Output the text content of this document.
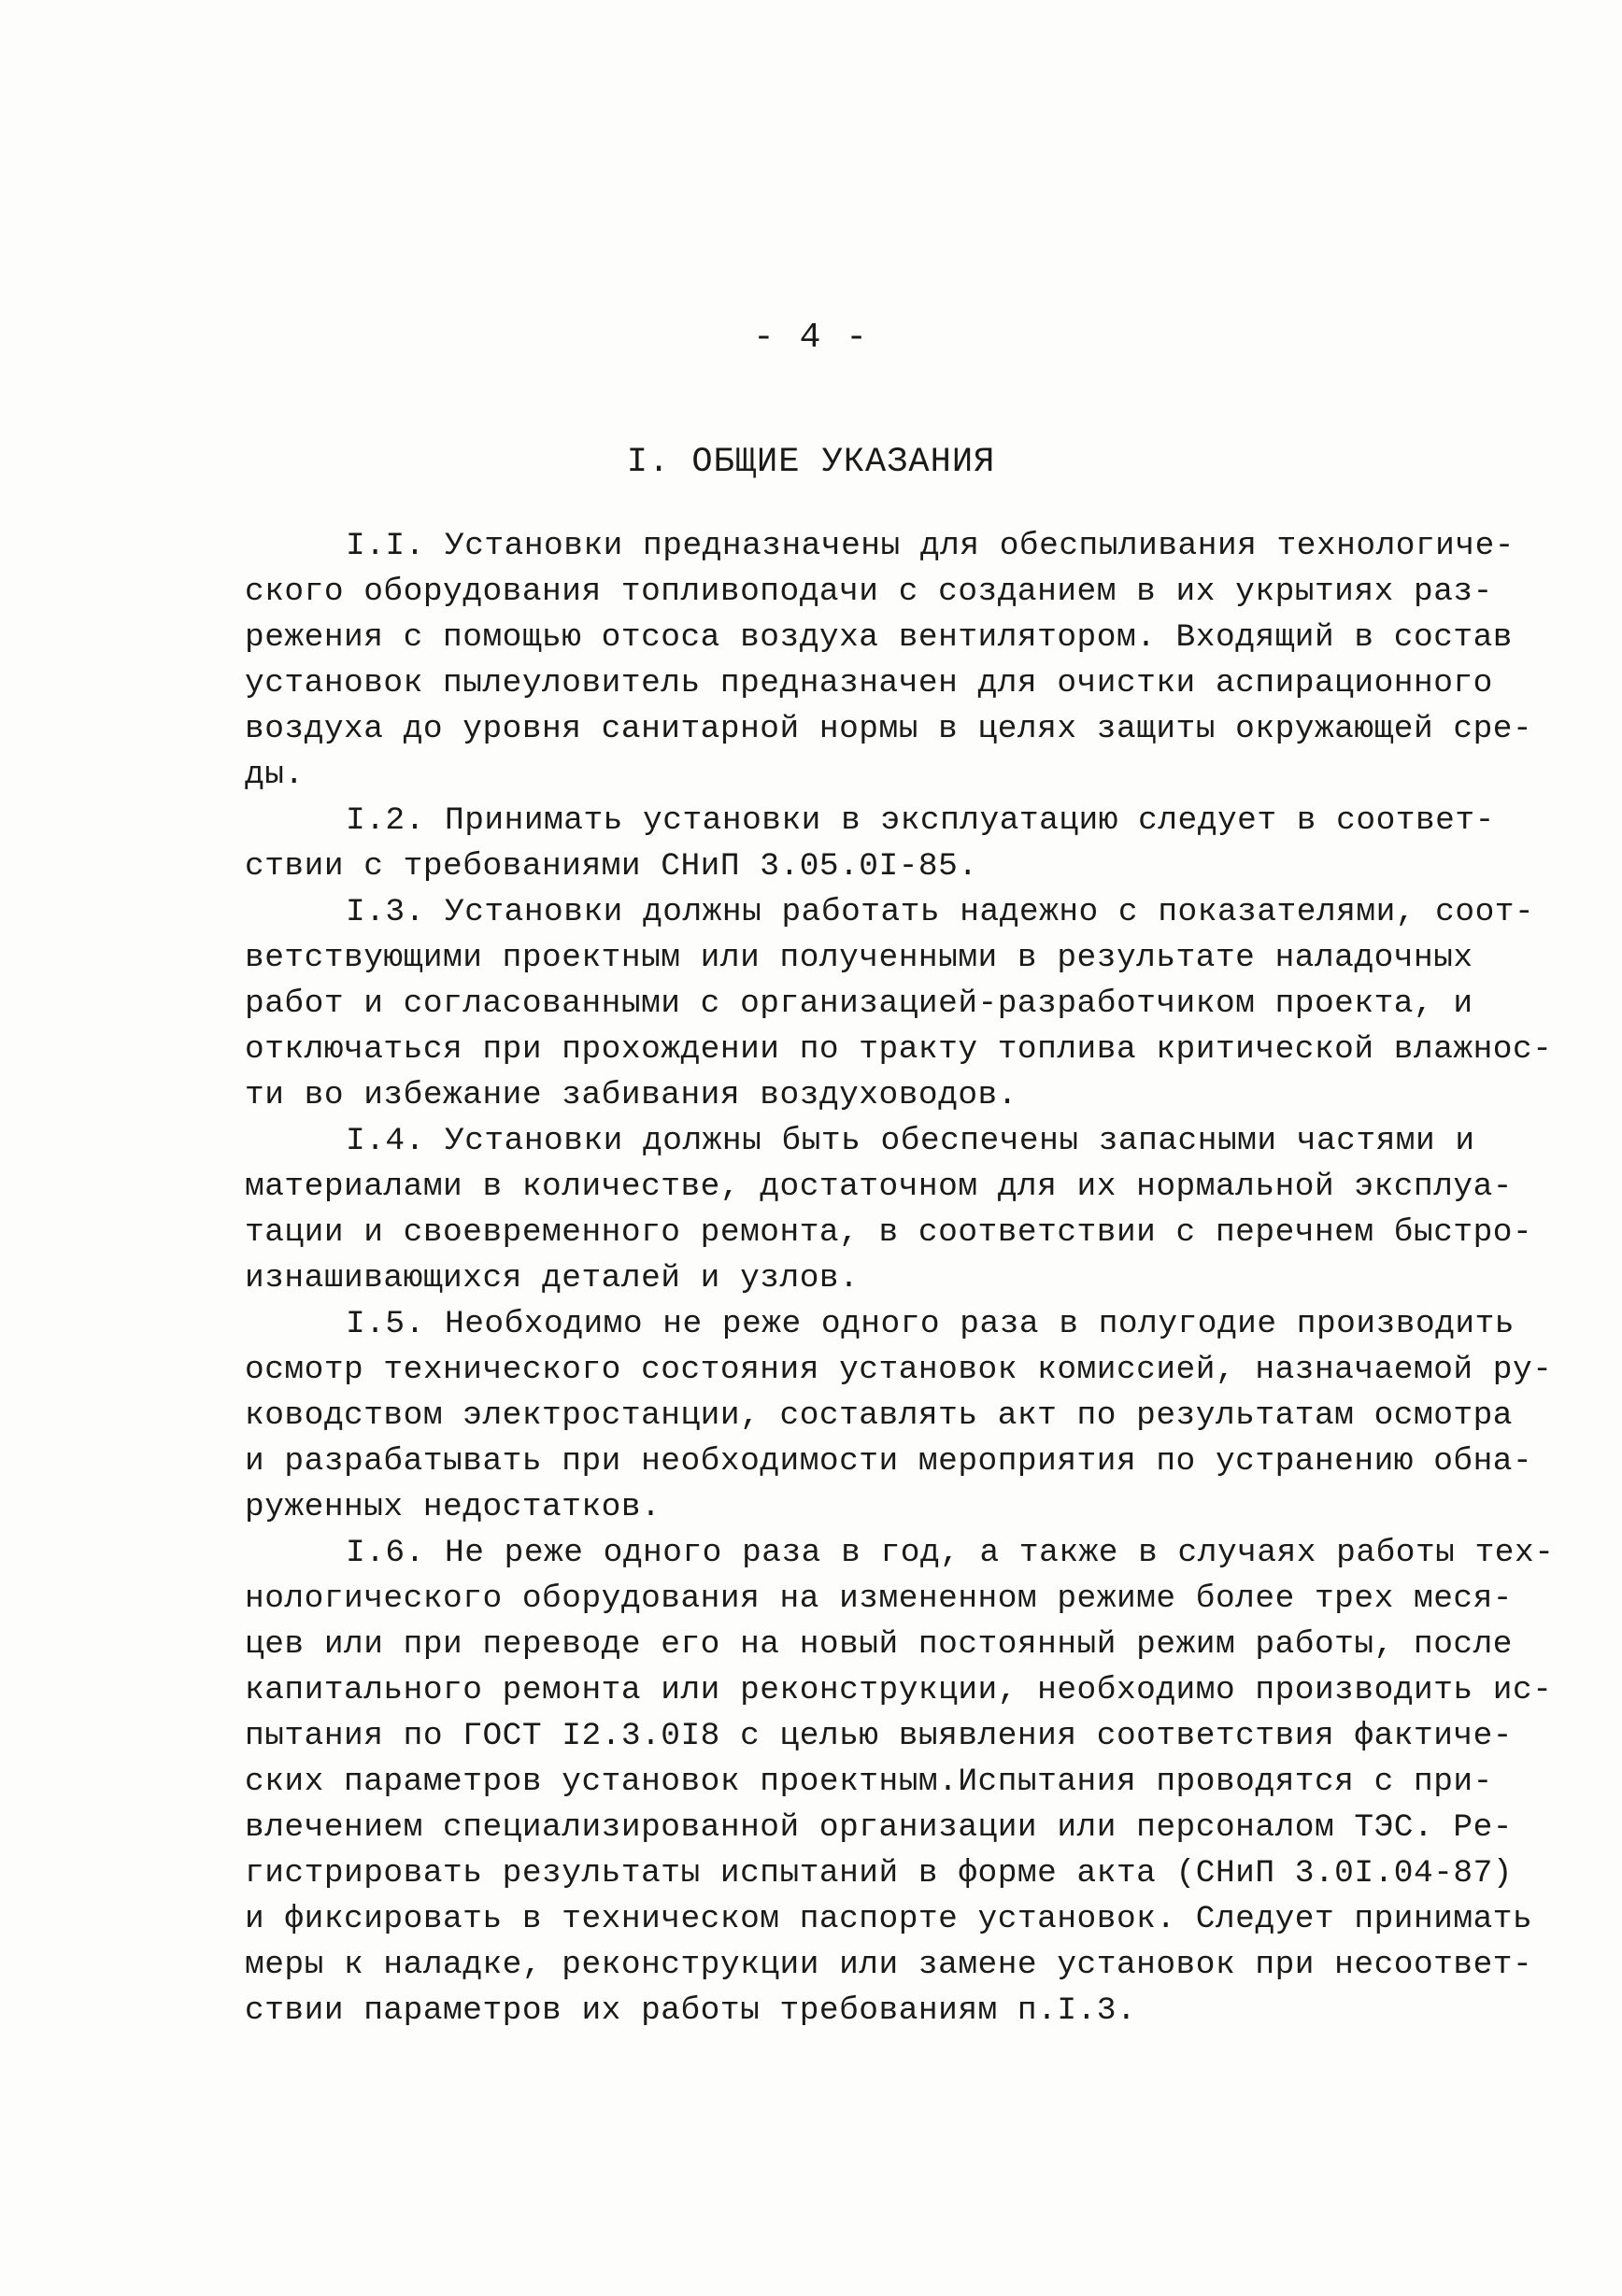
- 4 -
I. ОБЩИЕ УКАЗАНИЯ
I.I. Установки предназначены для обеспыливания технологиче-
ского оборудования топливоподачи с созданием в их укрытиях раз-
режения с помощью отсоса воздуха вентилятором. Входящий в состав
установок пылеуловитель предназначен для очистки аспирационного
воздуха до уровня санитарной нормы в целях защиты окружающей сре-
ды.
I.2. Принимать установки в эксплуатацию следует в соответ-
ствии с требованиями СНиП 3.05.0I-85.
I.3. Установки должны работать надежно с показателями, соот-
ветствующими проектным или полученными в результате наладочных
работ и согласованными с организацией-разработчиком проекта, и
отключаться при прохождении по тракту топлива критической влажнос-
ти во избежание забивания воздуховодов.
I.4. Установки должны быть обеспечены запасными частями и
материалами в количестве, достаточном для их нормальной эксплуа-
тации и своевременного ремонта, в соответствии с перечнем быстро-
изнашивающихся деталей и узлов.
I.5. Необходимо не реже одного раза в полугодие производить
осмотр технического состояния установок комиссией, назначаемой ру-
ководством электростанции, составлять акт по результатам осмотра
и разрабатывать при необходимости мероприятия по устранению обна-
руженных недостатков.
I.6. Не реже одного раза в год, а также в случаях работы тех-
нологического оборудования на измененном режиме более трех меся-
цев или при переводе его на новый постоянный режим работы, после
капитального ремонта или реконструкции, необходимо производить ис-
пытания по ГОСТ I2.3.0I8 с целью выявления соответствия фактиче-
ских параметров установок проектным.Испытания проводятся с при-
влечением специализированной организации или персоналом ТЭС. Ре-
гистрировать результаты испытаний в форме акта (СНиП 3.0I.04-87)
и фиксировать в техническом паспорте установок. Следует принимать
меры к наладке, реконструкции или замене установок при несоответ-
ствии параметров их работы требованиям п.I.3.
